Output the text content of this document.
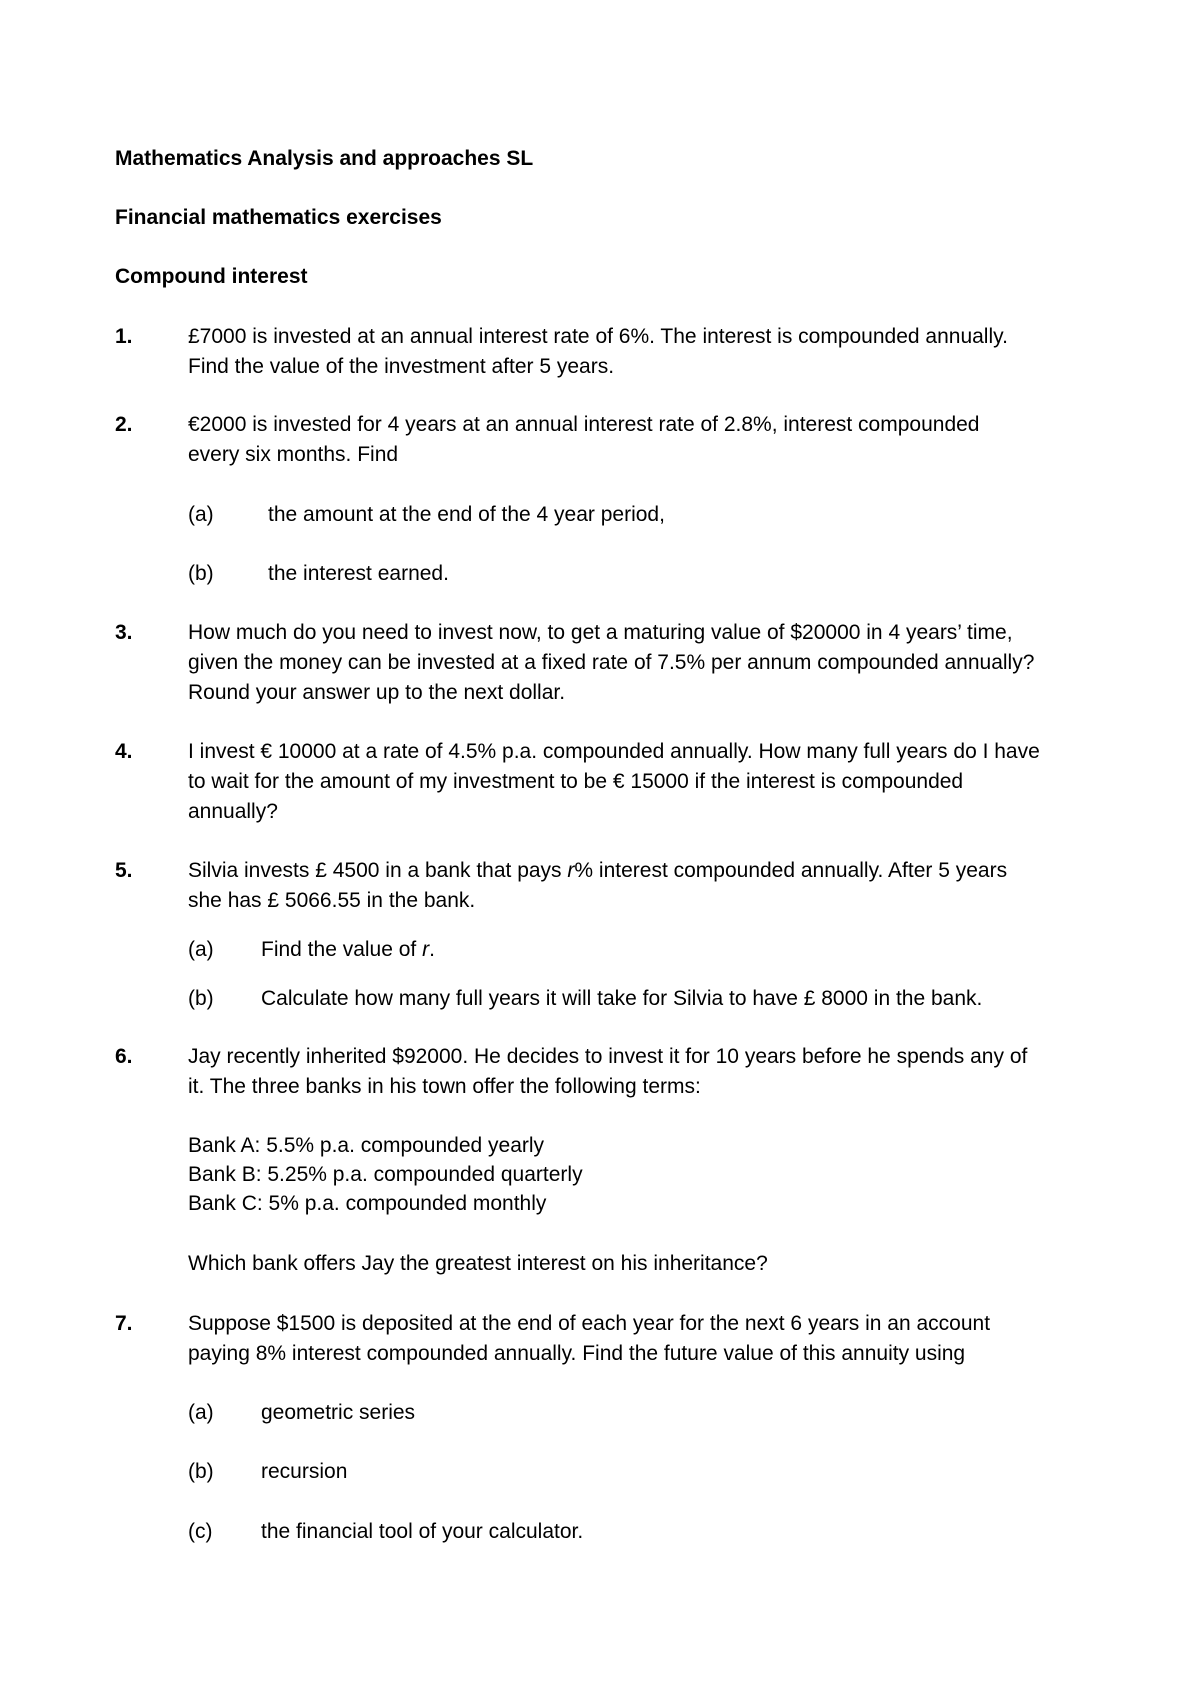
Mathematics Analysis and approaches SL
Financial mathematics exercises
Compound interest
1.	£7000 is invested at an annual interest rate of 6%. The interest is compounded annually.
Find the value of the investment after 5 years.
2.	€2000 is invested for 4 years at an annual interest rate of 2.8%, interest compounded
every six months. Find
(a)	the amount at the end of the 4 year period,
(b)	the interest earned.
3.	How much do you need to invest now, to get a maturing value of $20000 in 4 years’ time,
given the money can be invested at a fixed rate of 7.5% per annum compounded annually?
Round your answer up to the next dollar.
4.	I invest € 10000 at a rate of 4.5% p.a. compounded annually. How many full years do I have
to wait for the amount of my investment to be € 15000 if the interest is compounded
annually?
5.	Silvia invests £ 4500 in a bank that pays r% interest compounded annually. After 5 years
she has £ 5066.55 in the bank.
(a) Find the value of r.
(b) Calculate how many full years it will take for Silvia to have £ 8000 in the bank.
6.	Jay recently inherited $92000. He decides to invest it for 10 years before he spends any of
it. The three banks in his town offer the following terms:
Bank A: 5.5% p.a. compounded yearly
Bank B: 5.25% p.a. compounded quarterly
Bank C: 5% p.a. compounded monthly
Which bank offers Jay the greatest interest on his inheritance?
7.	Suppose $1500 is deposited at the end of each year for the next 6 years in an account
paying 8% interest compounded annually. Find the future value of this annuity using
(a) geometric series
(b) recursion
(c) the financial tool of your calculator.
